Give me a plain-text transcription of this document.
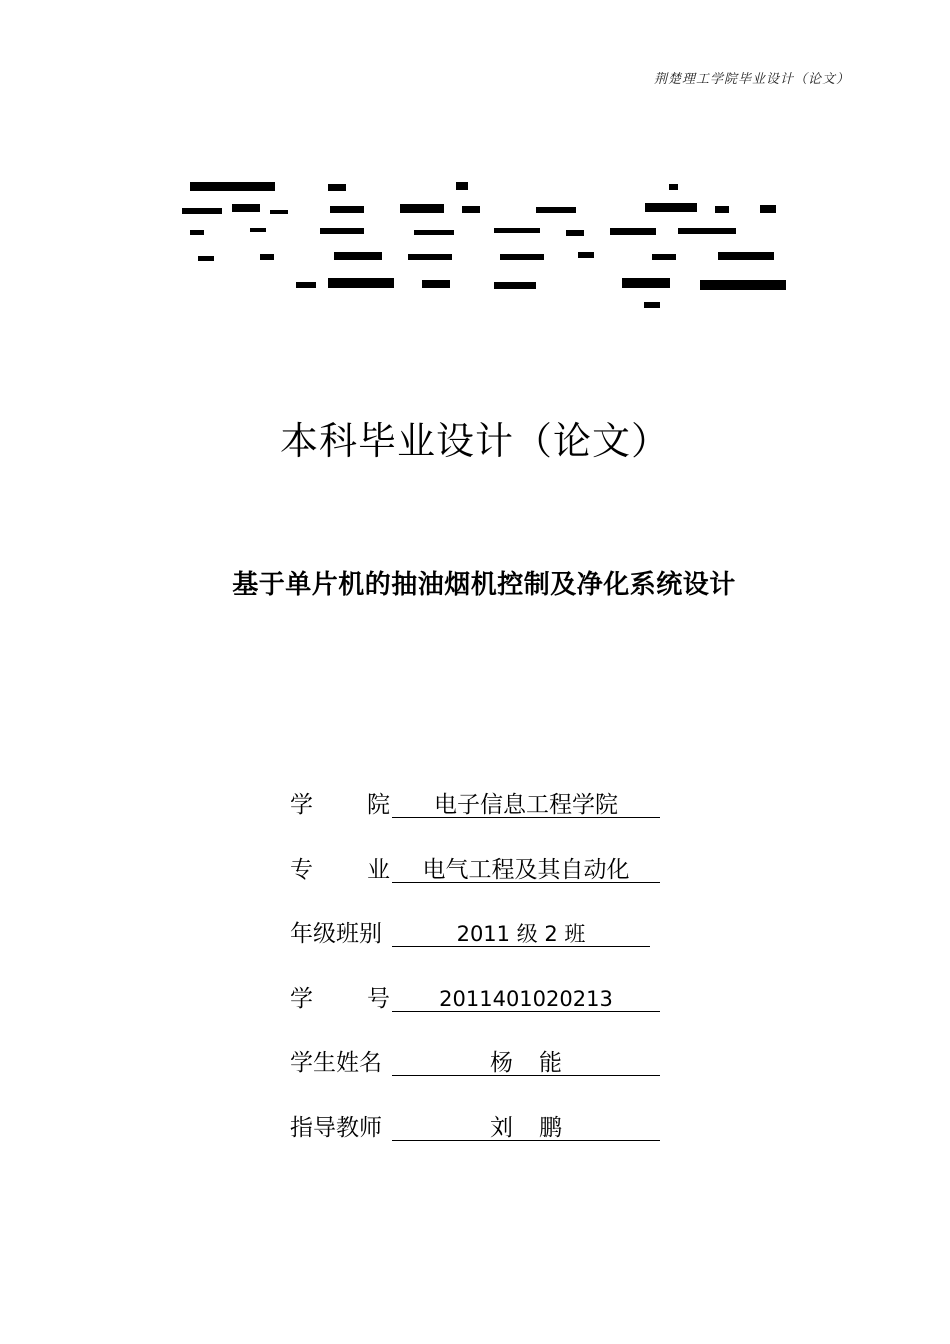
荆楚理工学院毕业设计（论文）
本科毕业设计（论文）
基于单片机的抽油烟机控制及净化系统设计
学 院	电子信息工程学院
专 业	电气工程及其自动化
年级班别	2011 级 2 班
学 号	2011401020213
学生姓名	杨 能
指导教师	刘 鹏
